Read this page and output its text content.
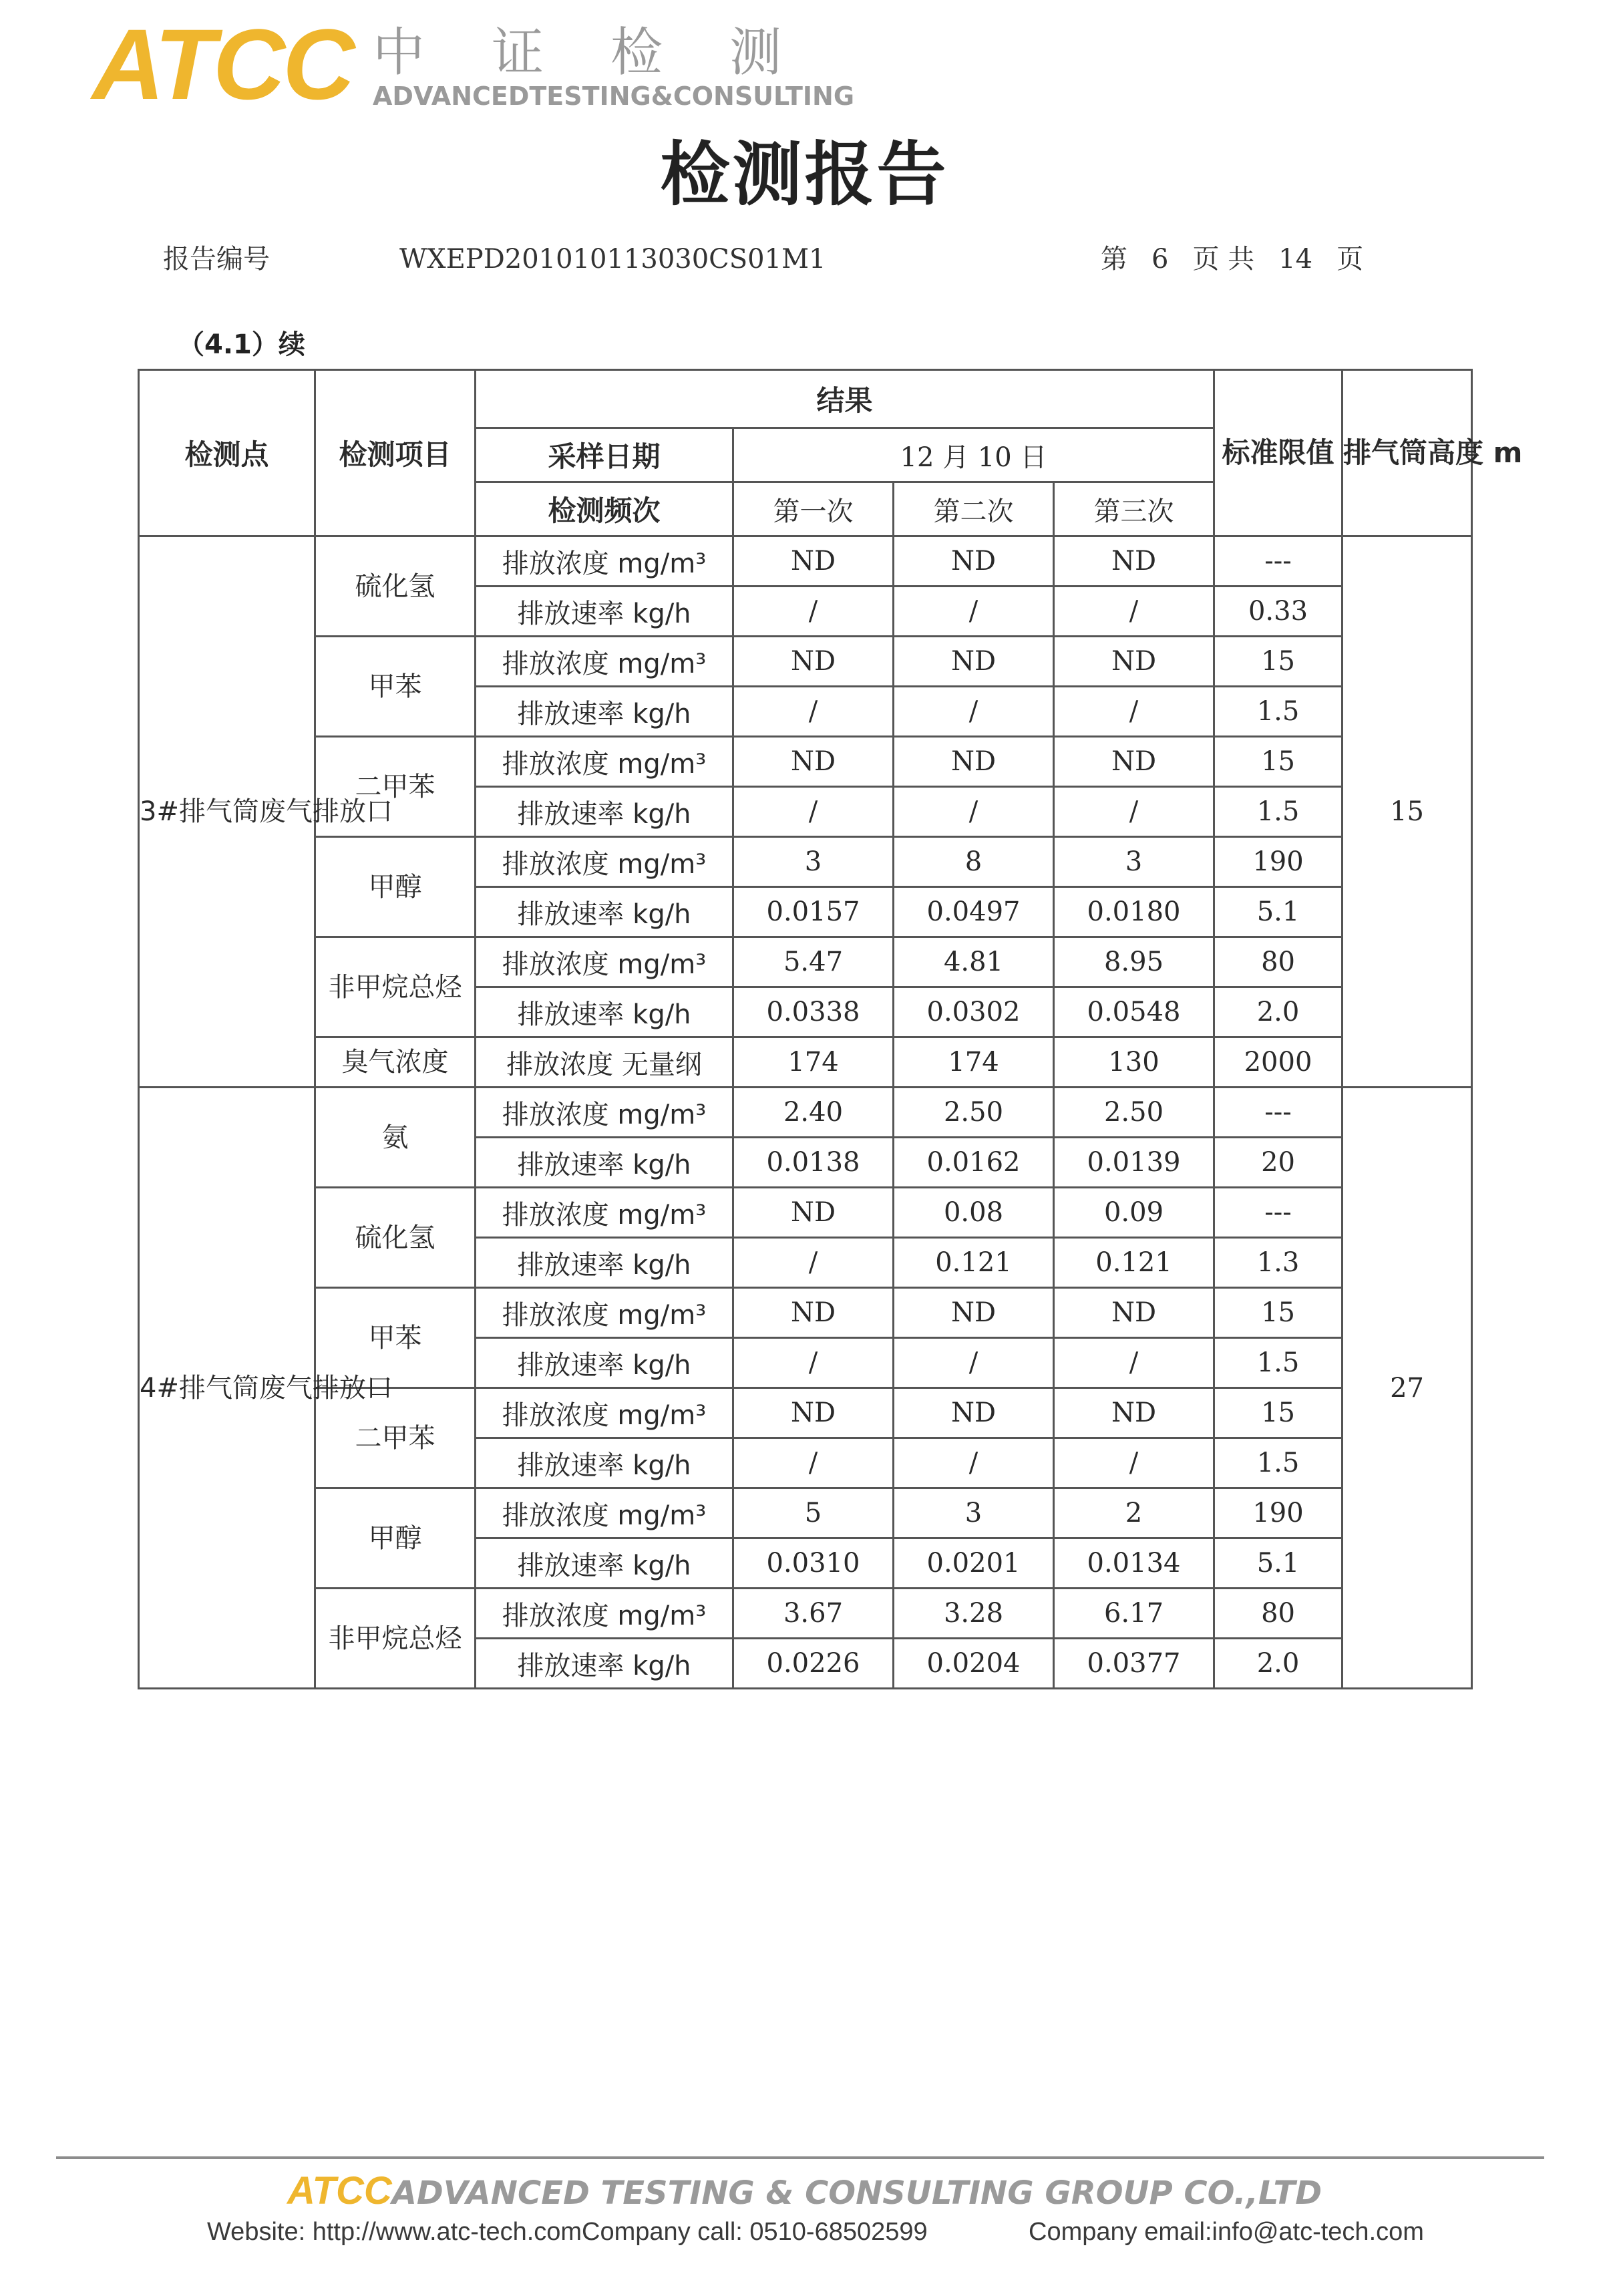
ATCC 中证检测
ADVANCEDTESTING&CONSULTING
检测报告
报告编号	WXEPD201010113030CS01M1	第 6 页 共 14 页
（4.1）续
检测点	检测项目	结果				标准限值	排气筒高度 m
		采样日期	12 月 10 日				
		检测频次	第一次	第二次	第三次		
3#排气筒废气排放口	硫化氢	排放浓度 mg/m³	ND	ND	ND	---	15
		排放速率 kg/h	/	/	/	0.33	
	甲苯	排放浓度 mg/m³	ND	ND	ND	15	
		排放速率 kg/h	/	/	/	1.5	
	二甲苯	排放浓度 mg/m³	ND	ND	ND	15	
		排放速率 kg/h	/	/	/	1.5	
	甲醇	排放浓度 mg/m³	3	8	3	190	
		排放速率 kg/h	0.0157	0.0497	0.0180	5.1	
	非甲烷总烃	排放浓度 mg/m³	5.47	4.81	8.95	80	
		排放速率 kg/h	0.0338	0.0302	0.0548	2.0	
	臭气浓度	排放浓度 无量纲	174	174	130	2000	
4#排气筒废气排放口	氨	排放浓度 mg/m³	2.40	2.50	2.50	---	27
		排放速率 kg/h	0.0138	0.0162	0.0139	20	
	硫化氢	排放浓度 mg/m³	ND	0.08	0.09	---	
		排放速率 kg/h	/	0.121	0.121	1.3	
	甲苯	排放浓度 mg/m³	ND	ND	ND	15	
		排放速率 kg/h	/	/	/	1.5	
	二甲苯	排放浓度 mg/m³	ND	ND	ND	15	
		排放速率 kg/h	/	/	/	1.5	
	甲醇	排放浓度 mg/m³	5	3	2	190	
		排放速率 kg/h	0.0310	0.0201	0.0134	5.1	
	非甲烷总烃	排放浓度 mg/m³	3.67	3.28	6.17	80	
		排放速率 kg/h	0.0226	0.0204	0.0377	2.0	
ATCCADVANCED TESTING & CONSULTING GROUP CO.,LTD
Website: http://www.atc-tech.comCompany call: 0510-68502599	Company email:info@atc-tech.com
